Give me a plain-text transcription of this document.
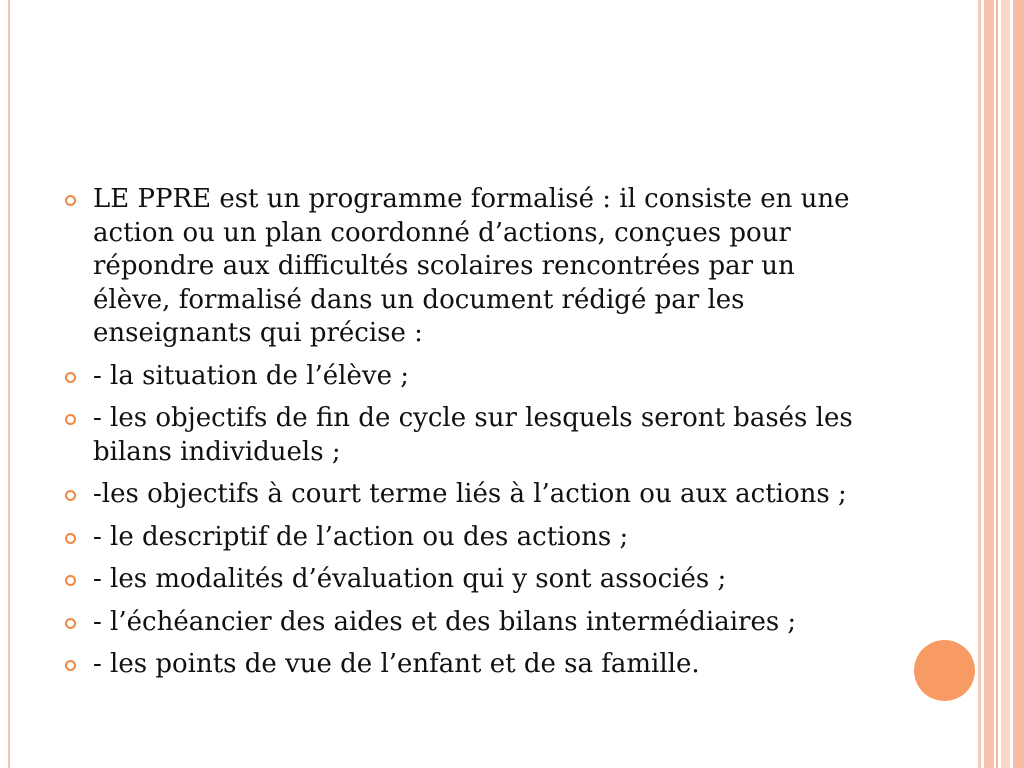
LE PPRE est un programme formalisé : il consiste en une action ou un plan coordonné d’actions, conçues pour répondre aux difficultés scolaires rencontrées par un élève, formalisé dans un document rédigé par les enseignants qui précise :
- la situation de l’élève ;
- les objectifs de fin de cycle sur lesquels seront basés les bilans individuels ;
-les objectifs à court terme liés à l’action ou aux actions ;
- le descriptif de l’action ou des actions ;
- les modalités d’évaluation qui y sont associés ;
- l’échéancier des aides et des bilans intermédiaires ;
- les points de vue de l’enfant et de sa famille.
